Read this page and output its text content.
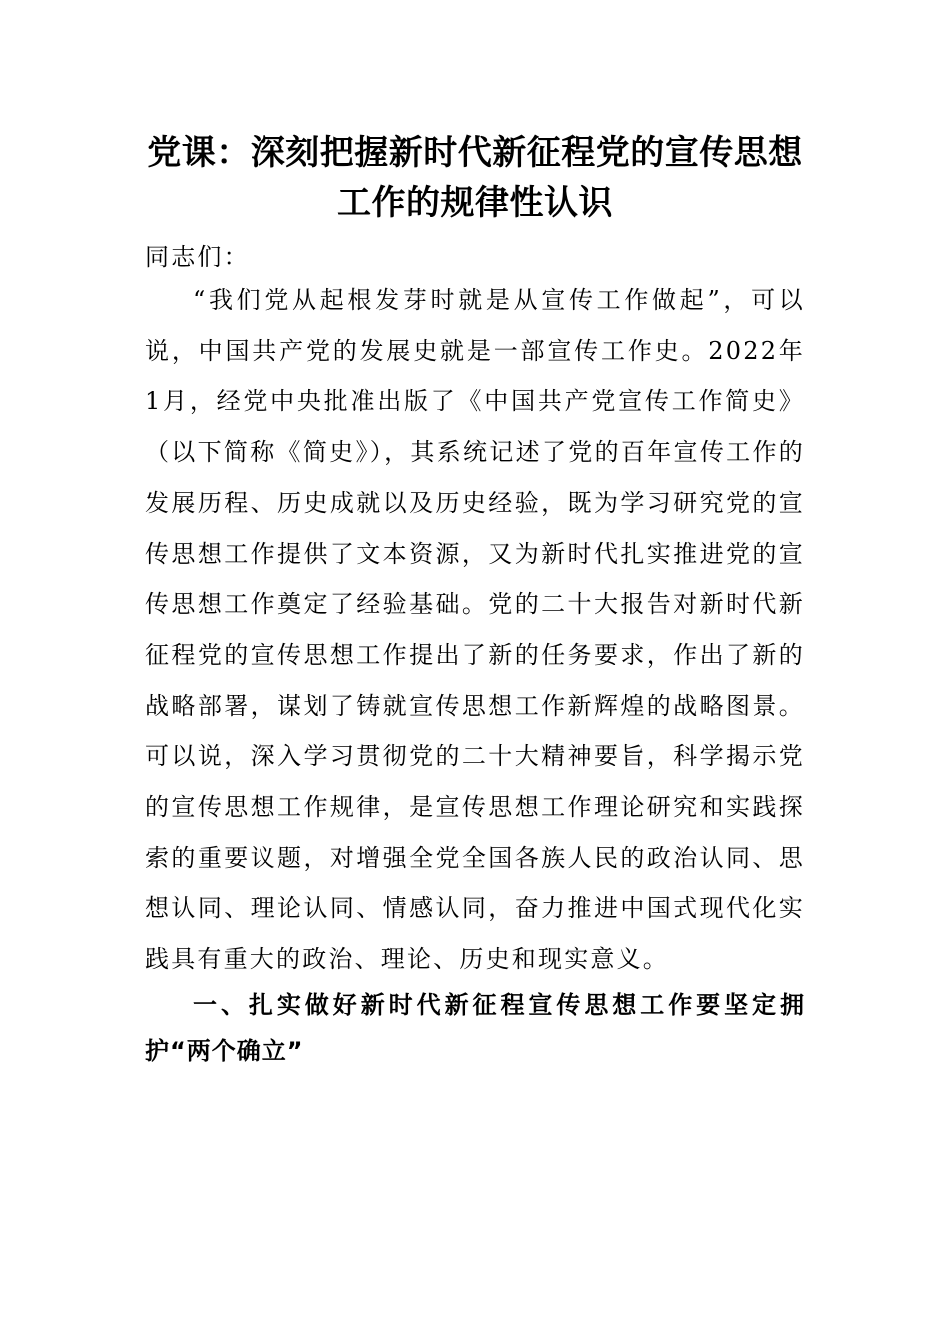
党课：深刻把握新时代新征程党的宣传思想工作的规律性认识

同志们：

“我们党从起根发芽时就是从宣传工作做起”，可以说，中国共产党的发展史就是一部宣传工作史。2022年1月，经党中央批准出版了《中国共产党宣传工作简史》（以下简称《简史》），其系统记述了党的百年宣传工作的发展历程、历史成就以及历史经验，既为学习研究党的宣传思想工作提供了文本资源，又为新时代扎实推进党的宣传思想工作奠定了经验基础。党的二十大报告对新时代新征程党的宣传思想工作提出了新的任务要求，作出了新的战略部署，谋划了铸就宣传思想工作新辉煌的战略图景。可以说，深入学习贯彻党的二十大精神要旨，科学揭示党的宣传思想工作规律，是宣传思想工作理论研究和实践探索的重要议题，对增强全党全国各族人民的政治认同、思想认同、理论认同、情感认同，奋力推进中国式现代化实践具有重大的政治、理论、历史和现实意义。

一、扎实做好新时代新征程宣传思想工作要坚定拥护“两个确立”
